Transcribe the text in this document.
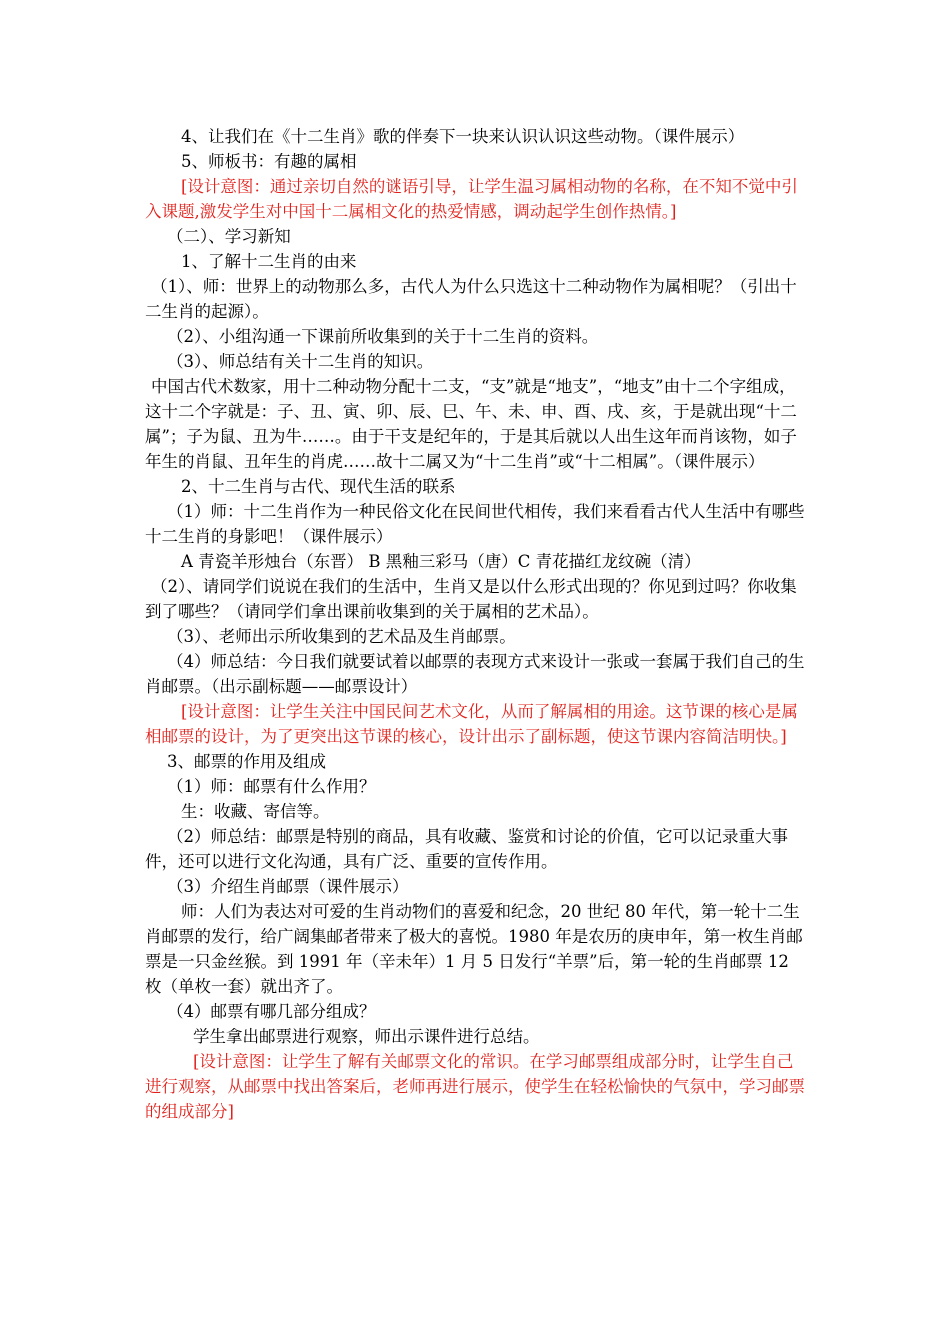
4、让我们在《十二生肖》歌的伴奏下一块来认识认识这些动物。（课件展示）

5、师板书：有趣的属相

[设计意图：通过亲切自然的谜语引导，让学生温习属相动物的名称，在不知不觉中引入课题,激发学生对中国十二属相文化的热爱情感，调动起学生创作热情。]

（二）、学习新知

1、了解十二生肖的由来

（1）、师：世界上的动物那么多，古代人为什么只选这十二种动物作为属相呢？（引出十二生肖的起源）。

（2）、小组沟通一下课前所收集到的关于十二生肖的资料。

（3）、师总结有关十二生肖的知识。

中国古代术数家，用十二种动物分配十二支，“支”就是“地支”，“地支”由十二个字组成，这十二个字就是：子、丑、寅、卯、辰、巳、午、未、申、酉、戌、亥，于是就出现“十二属”；子为鼠、丑为牛……。由于干支是纪年的，于是其后就以人出生这年而肖该物，如子年生的肖鼠、丑年生的肖虎……故十二属又为“十二生肖”或“十二相属”。（课件展示）

2、十二生肖与古代、现代生活的联系

（1）师：十二生肖作为一种民俗文化在民间世代相传，我们来看看古代人生活中有哪些十二生肖的身影吧！（课件展示）

A 青瓷羊形烛台（东晋） B 黑釉三彩马（唐）C 青花描红龙纹碗（清）

（2）、请同学们说说在我们的生活中，生肖又是以什么形式出现的？你见到过吗？你收集到了哪些？（请同学们拿出课前收集到的关于属相的艺术品）。

（3）、老师出示所收集到的艺术品及生肖邮票。

（4）师总结：今日我们就要试着以邮票的表现方式来设计一张或一套属于我们自己的生肖邮票。（出示副标题——邮票设计）

[设计意图：让学生关注中国民间艺术文化，从而了解属相的用途。这节课的核心是属相邮票的设计，为了更突出这节课的核心，设计出示了副标题，使这节课内容简洁明快。]

3、邮票的作用及组成

（1）师：邮票有什么作用？

生：收藏、寄信等。

（2）师总结：邮票是特别的商品，具有收藏、鉴赏和讨论的价值，它可以记录重大事件，还可以进行文化沟通，具有广泛、重要的宣传作用。

（3）介绍生肖邮票（课件展示）

师：人们为表达对可爱的生肖动物们的喜爱和纪念，20 世纪 80 年代，第一轮十二生肖邮票的发行，给广阔集邮者带来了极大的喜悦。1980 年是农历的庚申年，第一枚生肖邮票是一只金丝猴。到 1991 年（辛未年）1 月 5 日发行“羊票”后，第一轮的生肖邮票 12 枚（单枚一套）就出齐了。

（4）邮票有哪几部分组成？

学生拿出邮票进行观察，师出示课件进行总结。

[设计意图：让学生了解有关邮票文化的常识。在学习邮票组成部分时，让学生自己进行观察，从邮票中找出答案后，老师再进行展示，使学生在轻松愉快的气氛中，学习邮票的组成部分]
